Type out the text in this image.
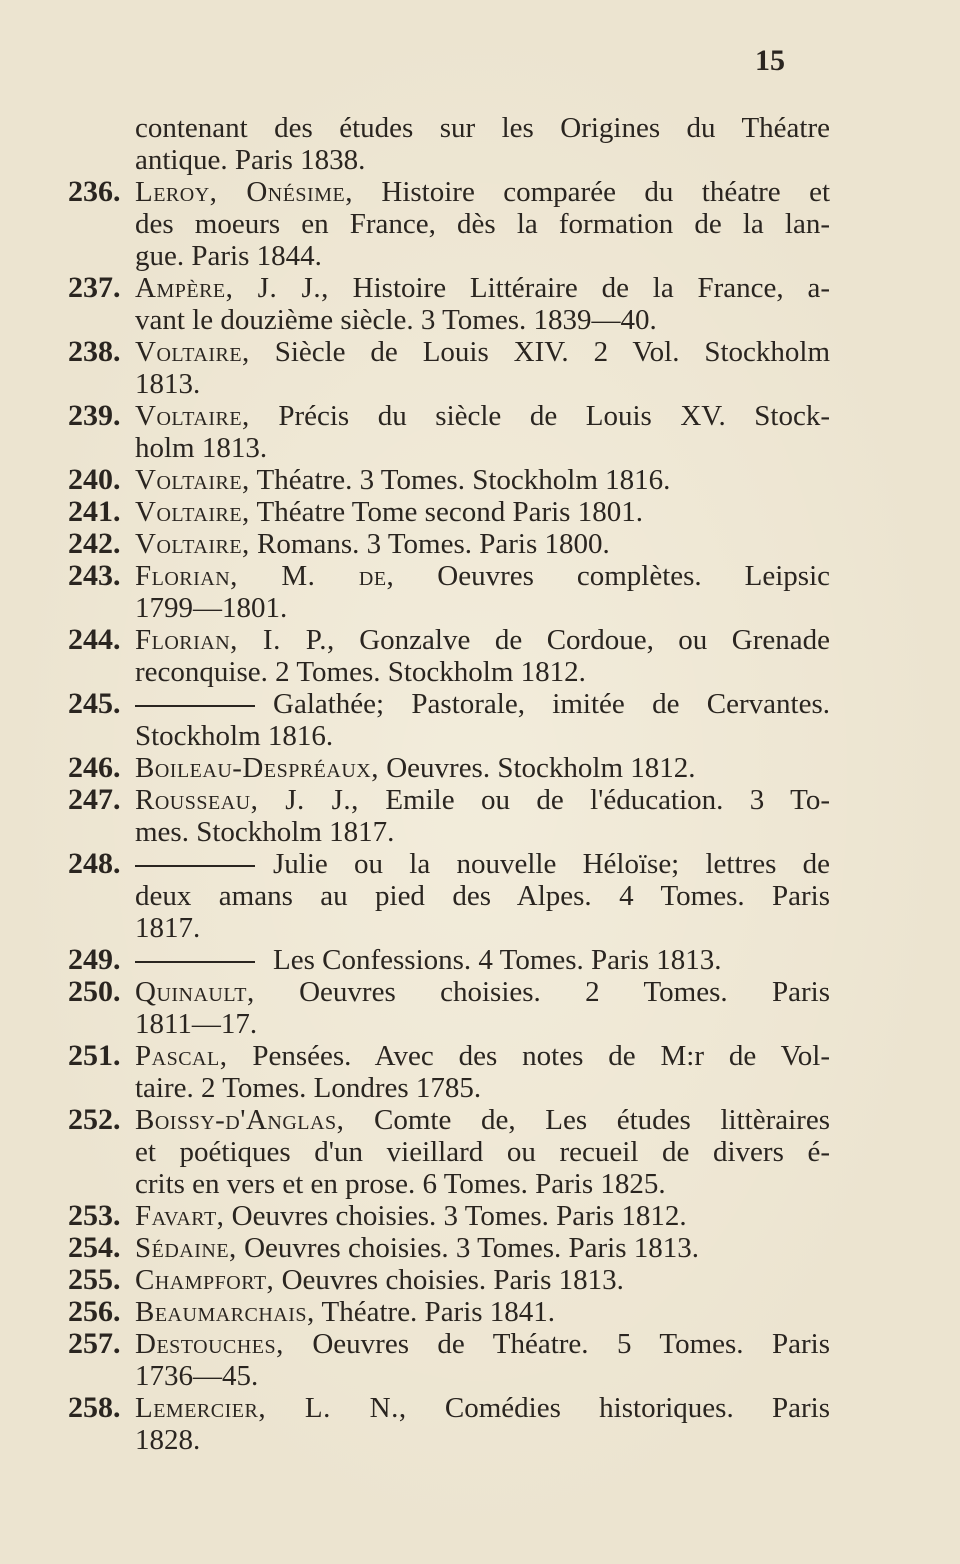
15
contenant des études sur les Origines du Théatre
antique. Paris 1838.
236. Leroy, Onésime, Histoire comparée du théatre et
des moeurs en France, dès la formation de la lan-
gue. Paris 1844.
237. Ampère, J. J., Histoire Littéraire de la France, a-
vant le douzième siècle. 3 Tomes. 1839—40.
238. Voltaire, Siècle de Louis XIV. 2 Vol. Stockholm
1813.
239. Voltaire, Précis du siècle de Louis XV. Stock-
holm 1813.
240. Voltaire, Théatre. 3 Tomes. Stockholm 1816.
241. Voltaire, Théatre Tome second Paris 1801.
242. Voltaire, Romans. 3 Tomes. Paris 1800.
243. Florian, M. de, Oeuvres complètes. Leipsic
1799—1801.
244. Florian, I. P., Gonzalve de Cordoue, ou Grenade
reconquise. 2 Tomes. Stockholm 1812.
245.	Galathée; Pastorale, imitée de Cervantes.
Stockholm 1816.
246. Boileau-Despréaux, Oeuvres. Stockholm 1812.
247. Rousseau, J. J., Emile ou de l'éducation. 3 To-
mes. Stockholm 1817.
248.	Julie ou la nouvelle Héloïse; lettres de
deux amans au pied des Alpes. 4 Tomes. Paris
1817.
249.	Les Confessions. 4 Tomes. Paris 1813.
250. Quinault, Oeuvres choisies. 2 Tomes. Paris
1811—17.
251. Pascal, Pensées. Avec des notes de M:r de Vol-
taire. 2 Tomes. Londres 1785.
252. Boissy-d'Anglas, Comte de, Les études littèraires
et poétiques d'un vieillard ou recueil de divers é-
crits en vers et en prose. 6 Tomes. Paris 1825.
253. Favart, Oeuvres choisies. 3 Tomes. Paris 1812.
254. Sédaine, Oeuvres choisies. 3 Tomes. Paris 1813.
255. Champfort, Oeuvres choisies. Paris 1813.
256. Beaumarchais, Théatre. Paris 1841.
257. Destouches, Oeuvres de Théatre. 5 Tomes. Paris
1736—45.
258. Lemercier, L. N., Comédies historiques. Paris
1828.
